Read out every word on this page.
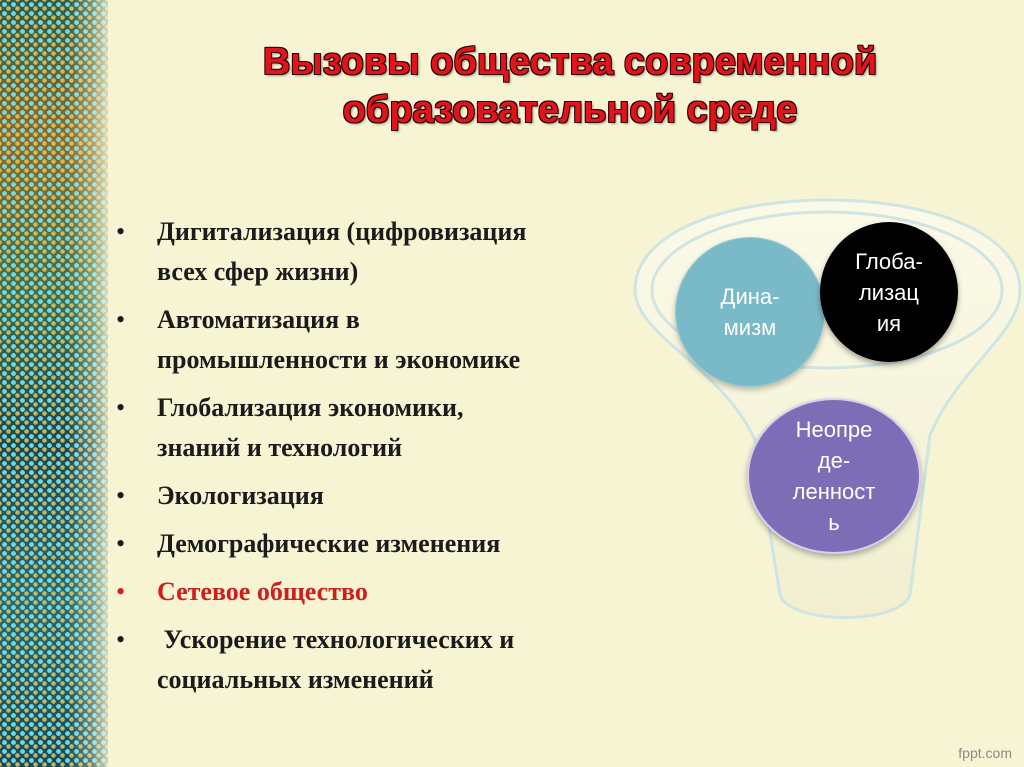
Вызовы общества современной
образовательной среде
• Дигитализация (цифровизация
всех сфер жизни)
• Автоматизация в
промышленности и экономике
• Глобализация экономики,
знаний и технологий
• Экологизация
• Демографические изменения
• Сетевое общество
• Ускорение технологических и
социальных изменений
Дина-
мизм
Глоба-
лизац
ия
Неопре
де-
ленност
ь
fppt.com
